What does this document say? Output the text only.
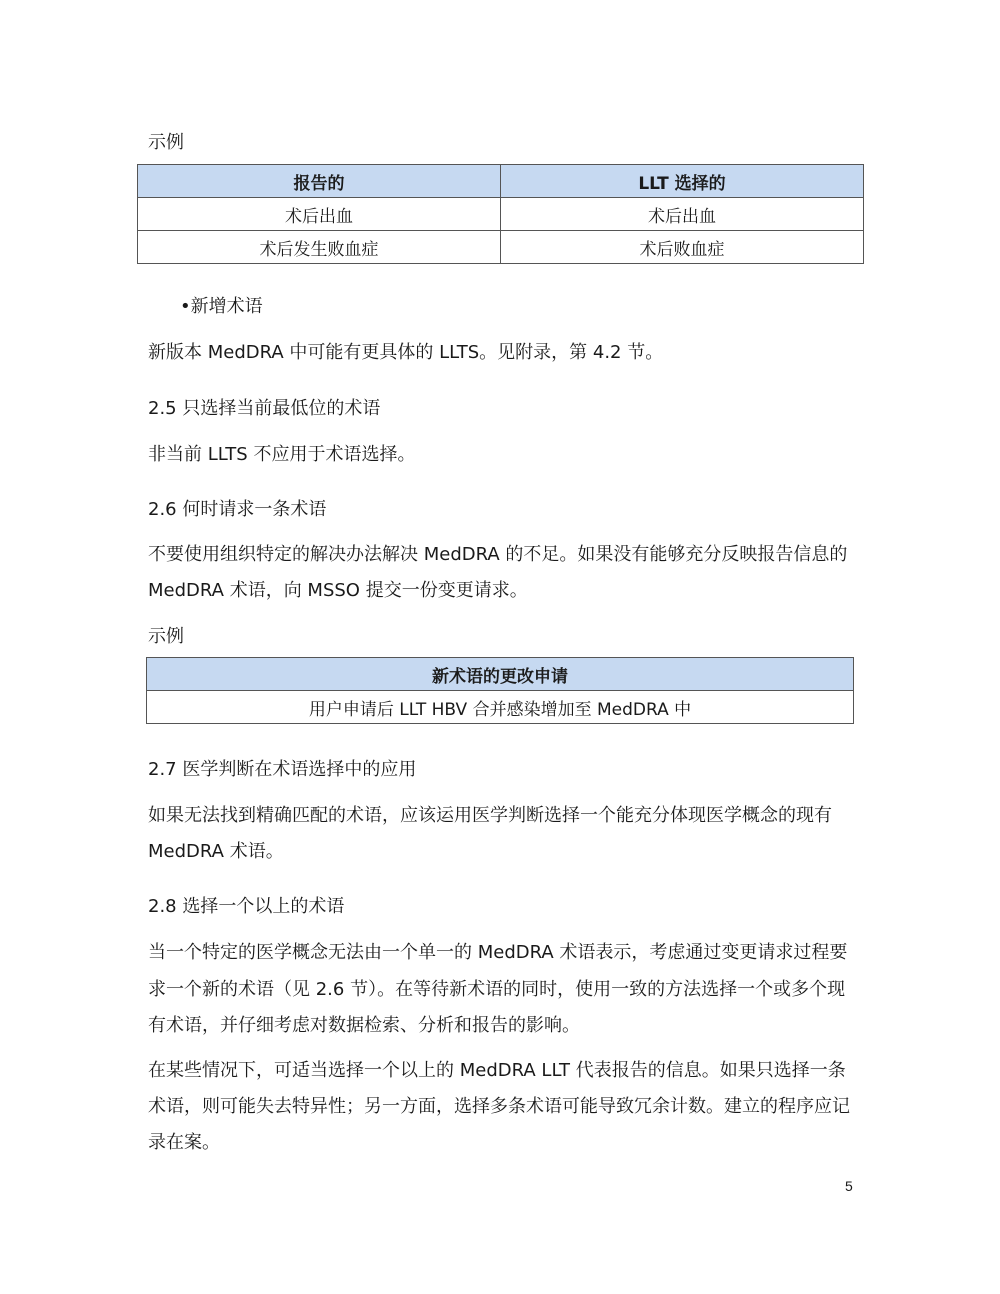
示例
报告的	LLT 选择的
术后出血	术后出血
术后发生败血症	术后败血症
•新增术语
新版本 MedDRA 中可能有更具体的 LLTS。见附录，第 4.2 节。
2.5 只选择当前最低位的术语
非当前 LLTS 不应用于术语选择。
2.6 何时请求一条术语
不要使用组织特定的解决办法解决 MedDRA 的不足。如果没有能够充分反映报告信息的
MedDRA 术语，向 MSSO 提交一份变更请求。
示例
新术语的更改申请
用户申请后 LLT HBV 合并感染增加至 MedDRA 中
2.7 医学判断在术语选择中的应用
如果无法找到精确匹配的术语，应该运用医学判断选择一个能充分体现医学概念的现有
MedDRA 术语。
2.8 选择一个以上的术语
当一个特定的医学概念无法由一个单一的 MedDRA 术语表示，考虑通过变更请求过程要
求一个新的术语（见 2.6 节）。在等待新术语的同时，使用一致的方法选择一个或多个现
有术语，并仔细考虑对数据检索、分析和报告的影响。
在某些情况下，可适当选择一个以上的 MedDRA LLT 代表报告的信息。如果只选择一条
术语，则可能失去特异性；另一方面，选择多条术语可能导致冗余计数。建立的程序应记
录在案。
5
